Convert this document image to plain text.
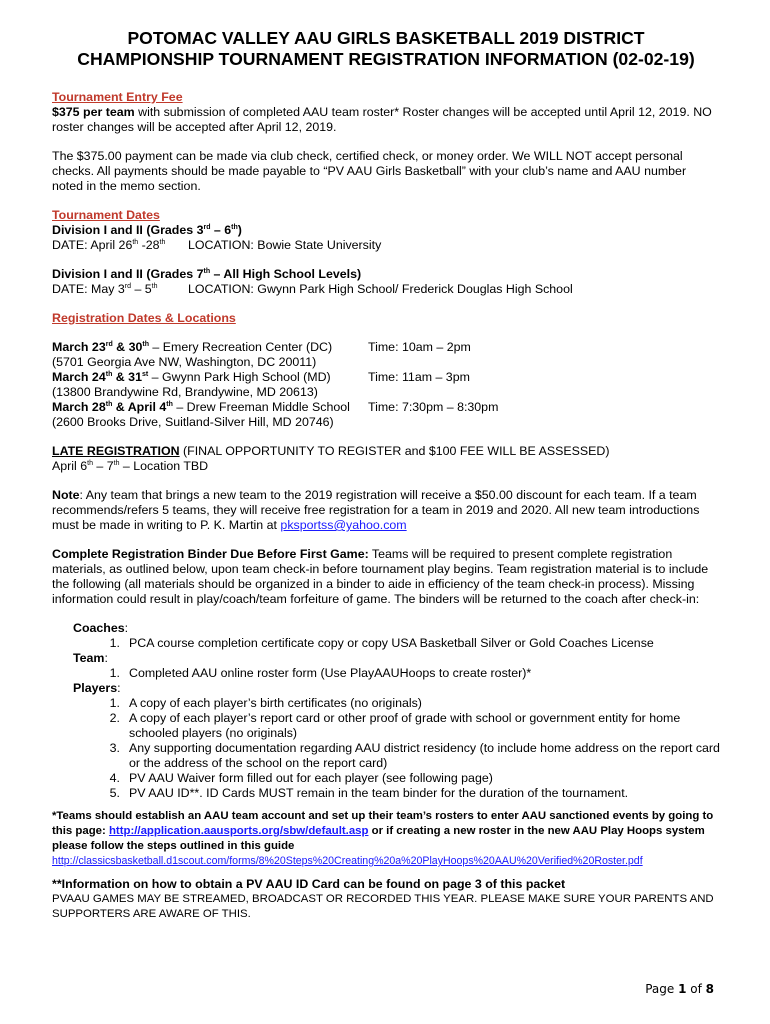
POTOMAC VALLEY AAU GIRLS BASKETBALL 2019 DISTRICT
CHAMPIONSHIP TOURNAMENT REGISTRATION INFORMATION (02-02-19)
Tournament Entry Fee

$375 per team with submission of completed AAU team roster* Roster changes will be accepted until April 12, 2019. NO roster changes will be accepted after April 12, 2019.

The $375.00 payment can be made via club check, certified check, or money order. We WILL NOT accept personal checks. All payments should be made payable to “PV AAU Girls Basketball” with your club’s name and AAU number noted in the memo section.

Tournament Dates

Division I and II (Grades 3rd – 6th)

DATE: April 26th -28th	LOCATION: Bowie State University

Division I and II (Grades 7th – All High School Levels)

DATE: May 3rd – 5th	LOCATION: Gwynn Park High School/ Frederick Douglas High School
Registration Dates & Locations
March 23rd & 30th – Emery Recreation Center (DC)	Time: 10am – 2pm

(5701 Georgia Ave NW, Washington, DC 20011)

March 24th & 31st – Gwynn Park High School (MD)	Time: 11am – 3pm

(13800 Brandywine Rd, Brandywine, MD 20613)

March 28th & April 4th – Drew Freeman Middle School	Time: 7:30pm – 8:30pm

(2600 Brooks Drive, Suitland-Silver Hill, MD 20746)

LATE REGISTRATION (FINAL OPPORTUNITY TO REGISTER and $100 FEE WILL BE ASSESSED)

April 6th – 7th – Location TBD

Note: Any team that brings a new team to the 2019 registration will receive a $50.00 discount for each team. If a team recommends/refers 5 teams, they will receive free registration for a team in 2019 and 2020. All new team introductions must be made in writing to P. K. Martin at pksportss@yahoo.com

Complete Registration Binder Due Before First Game: Teams will be required to present complete registration materials, as outlined below, upon team check-in before tournament play begins. Team registration material is to include the following (all materials should be organized in a binder to aide in efficiency of the team check-in process). Missing information could result in play/coach/team forfeiture of game. The binders will be returned to the coach after check-in:

Coaches:
1. PCA course completion certificate copy or copy USA Basketball Silver or Gold Coaches License
Team:
1. Completed AAU online roster form (Use PlayAAUHoops to create roster)*
Players:
1. A copy of each player’s birth certificates (no originals)
2. A copy of each player’s report card or other proof of grade with school or government entity for home schooled players (no originals)
3. Any supporting documentation regarding AAU district residency (to include home address on the report card or the address of the school on the report card)
4. PV AAU Waiver form filled out for each player (see following page)
5. PV AAU ID**. ID Cards MUST remain in the team binder for the duration of the tournament.

*Teams should establish an AAU team account and set up their team’s rosters to enter AAU sanctioned events by going to this page: http://application.aausports.org/sbw/default.asp or if creating a new roster in the new AAU Play Hoops system please follow the steps outlined in this guide

http://classicsbasketball.d1scout.com/forms/8%20Steps%20Creating%20a%20PlayHoops%20AAU%20Verified%20Roster.pdf

**Information on how to obtain a PV AAU ID Card can be found on page 3 of this packet

PVAAU GAMES MAY BE STREAMED, BROADCAST OR RECORDED THIS YEAR. PLEASE MAKE SURE YOUR PARENTS AND SUPPORTERS ARE AWARE OF THIS.

Page 1 of 8
